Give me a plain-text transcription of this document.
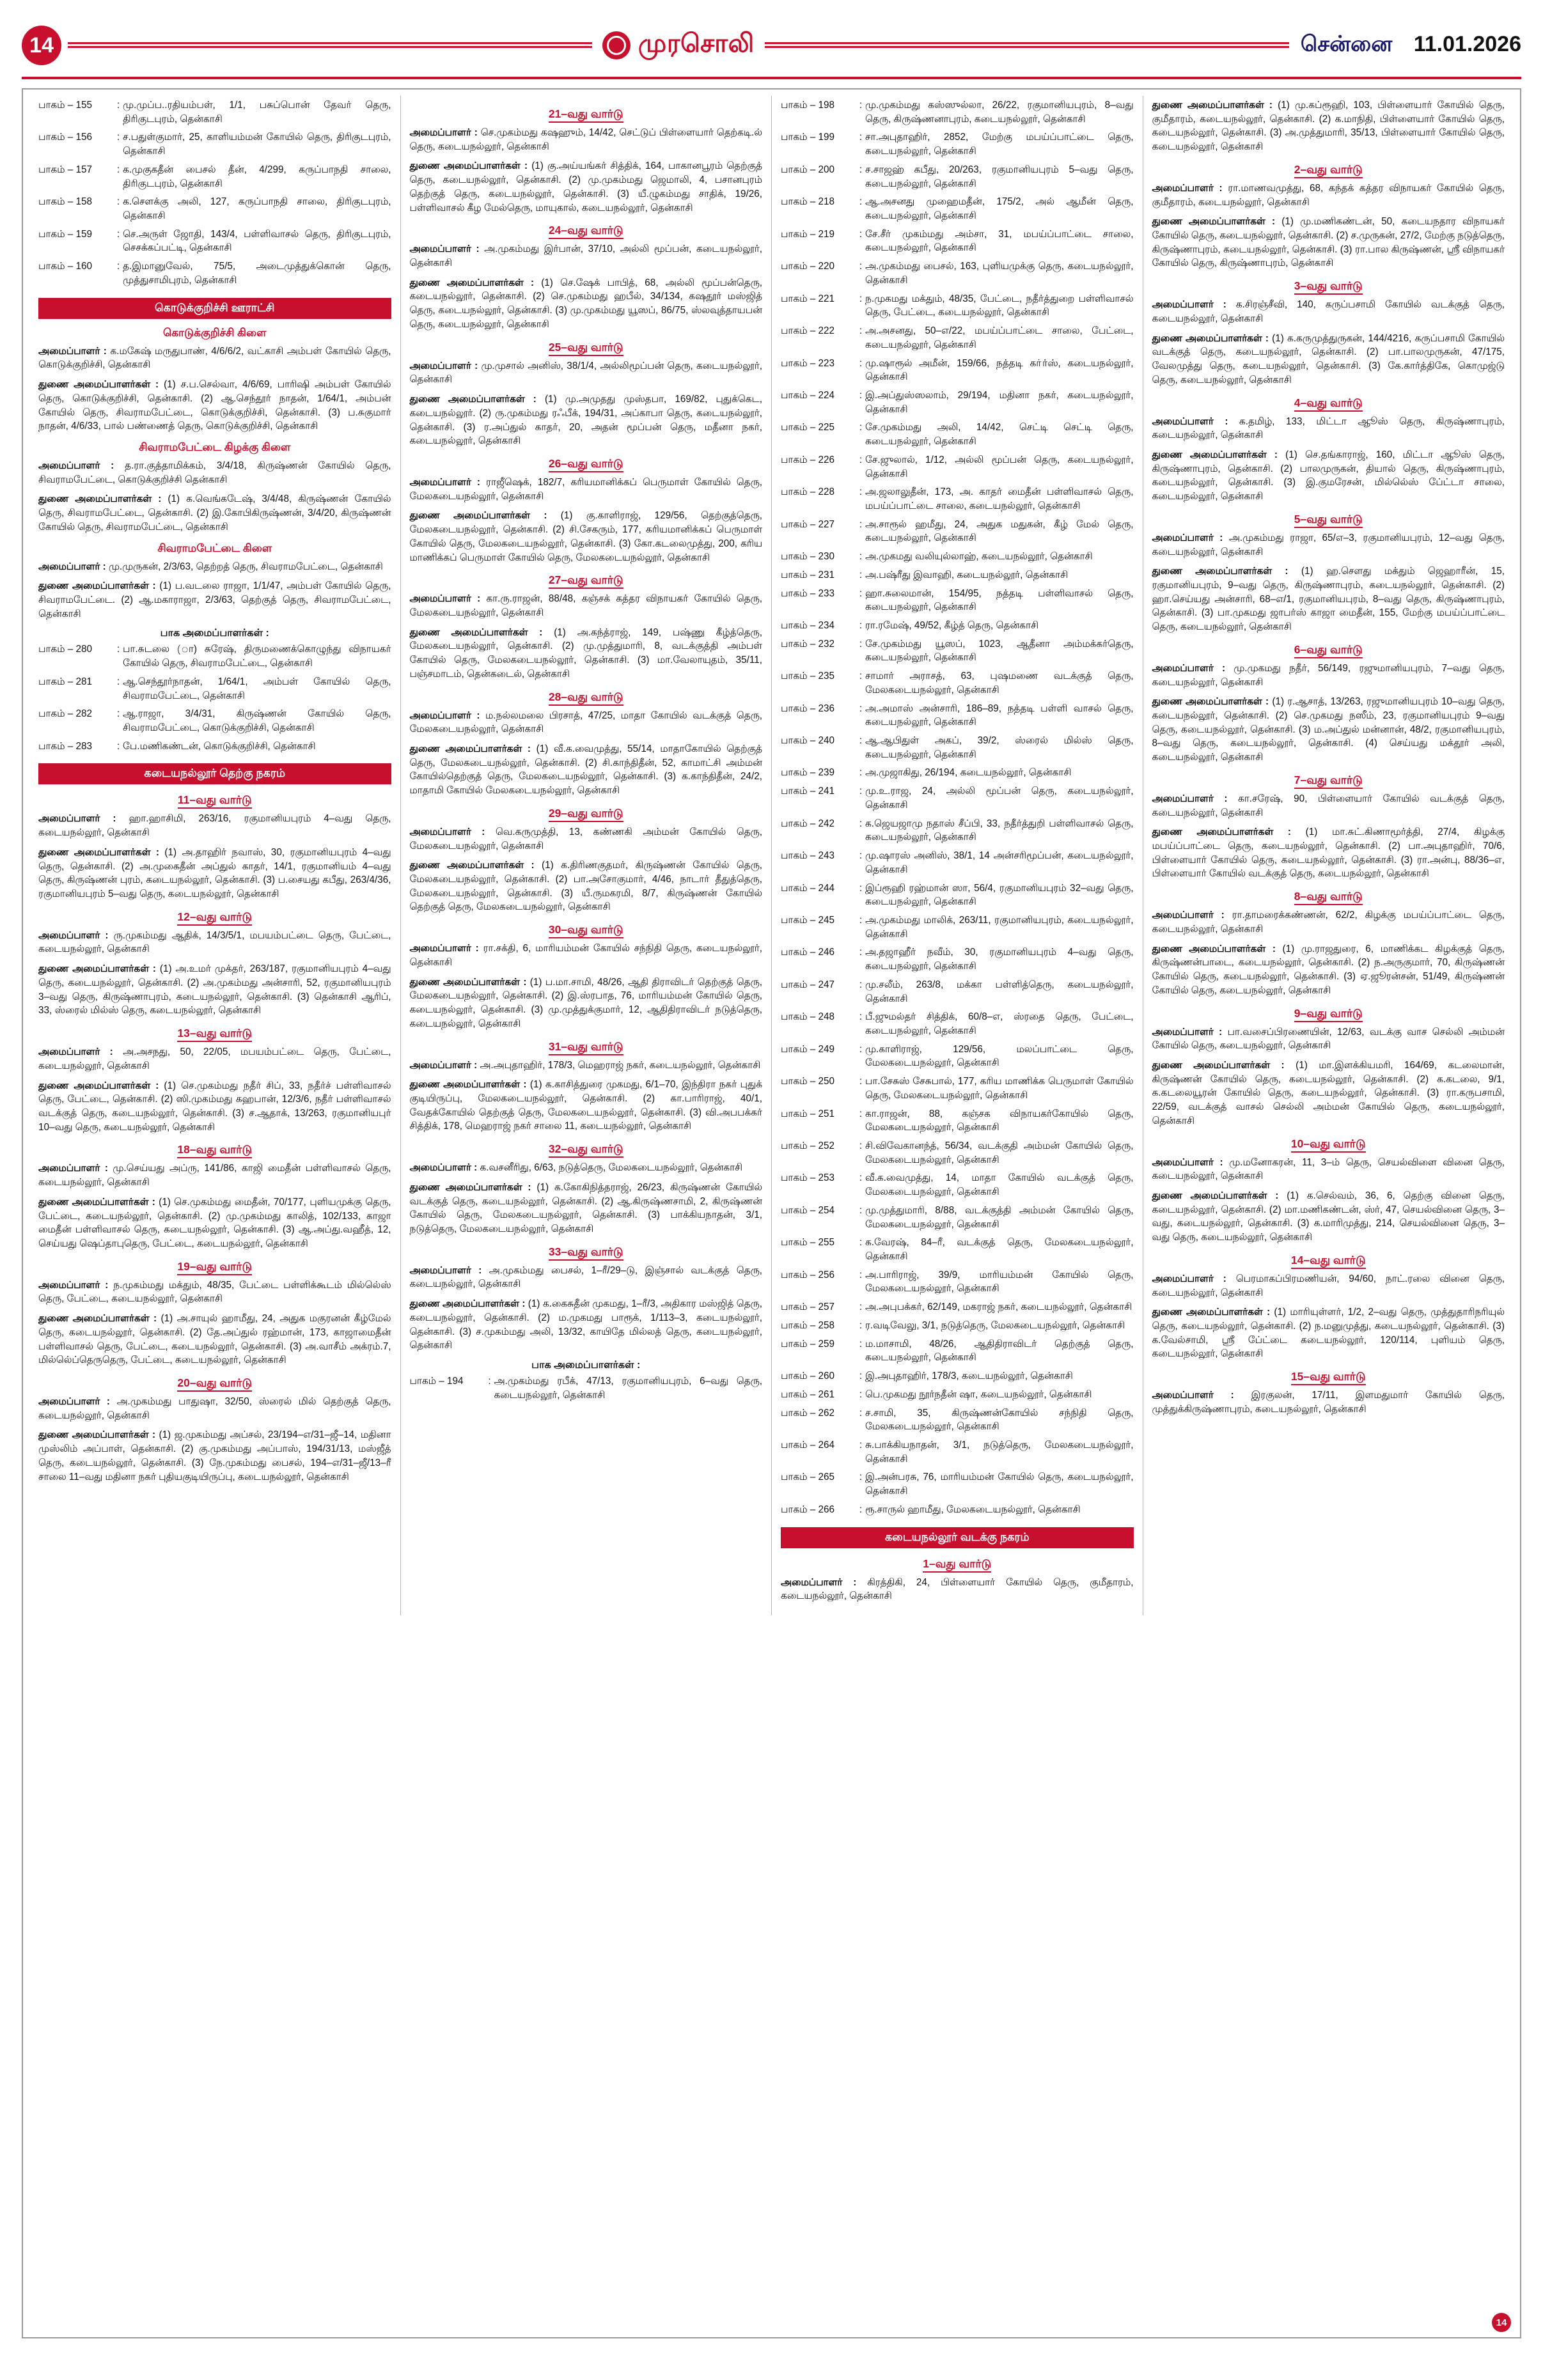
14	முரசொலி	சென்னை 11.01.2026
பாகம் – 155	: மு.முப்ப..ரதியம்பள், 1/1, பசுப்பொன் தேவர் தெரு, திரிகுடபுரம், தென்காசி
பாகம் – 156	: ச.பதுள்குமார், 25, காளியம்மன் கோயில் தெரு, திரிகுடபுரம், தென்காசி
பாகம் – 157	: க.முகுகதீன் பைசல் தீன், 4/299, கருப்பாநதி சாலை, திரிகுடபுரம், தென்காசி
பாகம் – 158	: க.செளக்கு அலி, 127, கருப்பாநதி சாலை, திரிகுடபுரம், தென்காசி
பாகம் – 159	: செ.அருள் ஜோதி, 143/4, பள்ளிவாசல் தெரு, திரிகுடபுரம், செசக்கப்பட்டி, தென்காசி
பாகம் – 160	: த.இமானுவேல், 75/5, அடைமுத்துக்கொன் தெரு, முத்துசாமிபுரம், தென்காசி
கொடுக்குறிச்சி ஊராட்சி
கொடுக்குறிச்சி கிளை

அமைப்பாளர் : க.மகேஷ் மருதுபாண், 4/6/6/2, வட்காசி அம்பள் கோயில் தெரு, கொடுக்குறிச்சி, தென்காசி

துணை அமைப்பாளர்கள் : (1) ச.ப.செல்வா, 4/6/69, பாரிஷி அம்பள் கோயில் தெரு, கொடுக்குறிச்சி, தென்காசி. (2) ஆ.செந்தூர் நாதன், 1/64/1, அம்பன் கோயில் தெரு, சிவராமபேட்டை, கொடுக்குறிச்சி, தென்காசி. (3) ப.சுகுமார் நாதன், 4/6/33, பால் பண்ணைத் தெரு, கொடுக்குறிச்சி, தென்காசி

சிவராமபேட்டை கிழக்கு கிளை

அமைப்பாளர் : த.ரா.குத்தாமிக்கம், 3/4/18, கிருஷ்ணன் கோயில் தெரு, சிவராமபேட்டை, கொடுக்குறிச்சி தென்காசி

துணை அமைப்பாளர்கள் : (1) க.வெங்கடேஷ், 3/4/48, கிருஷ்ணன் கோயில் தெரு, சிவராமபேட்டை, தென்காசி. (2) இ.கோபிகிருஷ்ணன், 3/4/20, கிருஷ்ணன் கோயில் தெரு, சிவராமபேட்டை, தென்காசி

சிவராமபேட்டை கிளை

அமைப்பாளர் : மு.முருகன், 2/3/63, தெற்றத் தெரு, சிவராமபேட்டை, தென்காசி

துணை அமைப்பாளர்கள் : (1) ப.வடலை ராஜா, 1/1/47, அம்பள் கோயில் தெரு, சிவராமபேட்டை. (2) ஆ.மகாராஜா, 2/3/63, தெற்குத் தெரு, சிவராமபேட்டை, தென்காசி

பாக அமைப்பாளர்கள் :
பாகம் – 280	: பா.சுடலை (ா) சுரேஷ், திருமணைக்கொழுந்து விநாயகர் கோயில் தெரு, சிவராமபேட்டை, தென்காசி
பாகம் – 281	: ஆ.செந்தூர்நாதன், 1/64/1, அம்பள் கோயில் தெரு, சிவராமபேட்டை, தென்காசி
பாகம் – 282	: ஆ.ராஜா, 3/4/31, கிருஷ்ணன் கோயில் தெரு, சிவராமபேட்டை, கொடுக்குறிச்சி, தென்காசி
பாகம் – 283	: பே.மணிகண்டன், கொடுக்குறிச்சி, தென்காசி
கடையநல்லூர் தெற்கு நகரம்
11–வது வார்டு

அமைப்பாளர் : ஹா.ஹாசிமி, 263/16, ரகுமானியபுரம் 4–வது தெரு, கடையநல்லூர், தென்காசி

துணை அமைப்பாளர்கள் : (1) அ.தாஹிர் நவாஸ், 30, ரகுமானியபுரம் 4–வது தெரு, தென்காசி. (2) அ.முகைதீன் அப்துல் காதர், 14/1, ரகுமானியம் 4–வது தெரு, கிருஷ்ணன் புரம், கடையநல்லூர், தென்காசி. (3) ப.சையது கபீது, 263/4/36, ரகுமானியபுரம் 5–வது தெரு, கடையநல்லூர், தென்காசி

12–வது வார்டு

அமைப்பாளர் : ரு.முகம்மது ஆதிக், 14/3/5/1, மபயம்பட்டை தெரு, பேட்டை, கடையநல்லூர், தென்காசி

துணை அமைப்பாளர்கள் : (1) அ.உமர் முக்தர், 263/187, ரகுமானியபுரம் 4–வது தெரு, கடையநல்லூர், தென்காசி. (2) அ.முகம்மது அன்சாரி, 52, ரகுமானியபுரம் 3–வது தெரு, கிருஷ்ணாபுரம், கடையநல்லூர், தென்காசி. (3) தென்காசி ஆரிப், 33, ஸ்ரைல் மில்ஸ் தெரு, கடையநல்லூர், தென்காசி

13–வது வார்டு

அமைப்பாளர் : அ.அசநது, 50, 22/05, மபயம்பட்டை தெரு, பேட்டை, கடையநல்லூர், தென்காசி

துணை அமைப்பாளர்கள் : (1) செ.முகம்மது நதீர் சிப், 33, நதீர்ச் பள்ளிவாசல் தெரு, பேட்டை, தென்காசி. (2) ஸி.முகம்மது கஹபான், 12/3/6, நதீர் பள்ளிவாசல் வடக்குத் தெரு, கடையநல்லூர், தென்காசி. (3) ச.ஆதாக், 13/263, ரகுமானியபுர் 10–வது தெரு, கடையநல்லூர், தென்காசி

18–வது வார்டு

அமைப்பாளர் : மு.செய்யது அப்ரு, 141/86, காஜி மைதீன் பள்ளிவாசல் தெரு, கடையநல்லூர், தென்காசி

துணை அமைப்பாளர்கள் : (1) செ.முகம்மது மைதீன், 70/177, புளியமுக்கு தெரு, பேட்டை, கடையநல்லூர், தென்காசி. (2) மு.முகம்மது காலித், 102/133, காஜா மைதீன் பள்ளிவாசல் தெரு, கடையநல்லூர், தென்காசி. (3) ஆ.அப்து.வஹீத், 12, செய்யது ஷெப்தாபுதெரு, பேட்டை, கடையநல்லூர், தென்காசி

19–வது வார்டு

அமைப்பாளர் : ந.முகம்மது மக்தும், 48/35, பேட்டை பள்ளிக்கூடம் மில்லெ்ஸ் தெரு, பேட்டை, கடையநல்லூர், தென்காசி

துணை அமைப்பாளர்கள் : (1) அ.சாயுல் ஹாமீது, 24, அதுக மகுரனன் கீழ்மேல் தெரு, கடையநல்லூர், தென்காசி. (2) தே.அப்துல் ரஹ்மான், 173, காஜாமைதீன் பள்ளிவாசல் தெரு, பேட்டை, கடையநல்லூர், தென்காசி. (3) அ.வாசீம் அக்ரம்.7, மில்லெ்ப்தெருதெரு, பேட்டை, கடையநல்லூர், தென்காசி

20–வது வார்டு

அமைப்பாளர் : அ.முகம்மது பாதுஷா, 32/50, ஸ்ரைல் மில் தெற்குத் தெரு, கடையநல்லூர், தென்காசி

துணை அமைப்பாளர்கள் : (1) ஜ.முகம்மது அப்சல், 23/194–எ/31–ஜீ–14, மதினா முஸ்லிம் அப்பாள், தென்காசி. (2) கு.முகம்மது அப்பாஸ், 194/31/13, மஸ்ஜீத் தெரு, கடையநல்லூர், தென்காசி. (3) நே.முகம்மது பைசல், 194–எ/31–ஜீ/13–ரீ சாலை 11–வது மதினா நகர் புதியகுடியிருப்பு, கடையநல்லூர், தென்காசி

21–வது வார்டு

அமைப்பாளர் : செ.முகம்மது கஷஹும், 14/42, செட்டுப் பிள்ளையார் தெற்கடி.ல் தெரு, கடையநல்லூர், தென்காசி

துணை அமைப்பாளர்கள் : (1) கு.அய்யங்கர் சித்திக், 164, பாகானபூரம் தெற்குத் தெரு, கடையநல்லூர், தென்காசி. (2) மு.முகம்மது ஜெமாலி, 4, பசானபுரம் தெற்குத் தெரு, கடையநல்லூர், தென்காசி. (3) யீ.ழுகம்மது சாதிக், 19/26, பள்ளிவாசல் கீழ மேல்தெரு, மாயுகால், கடையநல்லூர், தென்காசி

24–வது வார்டு

அமைப்பாளர் : அ.முகம்மது இர்பான், 37/10, அல்லி மூப்பன், கடையநல்லூர், தென்காசி

துணை அமைப்பாளர்கள் : (1) செ.ஷேக் பாபித், 68, அல்லி மூப்பன்தெரு, கடையநல்லூர், தென்காசி. (2) செ.முகம்மது ஹபீல், 34/134, கஷதூர் மஸ்ஜித் தெரு, கடையநல்லூர், தென்காசி. (3) மு.முகம்மது யூஸப், 86/75, ஸ்லவுத்தாயபன் தெரு, கடையநல்லூர், தென்காசி

25–வது வார்டு

அமைப்பாளர் : மு.முசால் அனிஸ், 38/1/4, அல்லிமூப்பன் தெரு, கடையநல்லூர், தென்காசி

துணை அமைப்பாளர்கள் : (1) மு.அமுதது முஸ்தபா, 169/82, புதுக்கெட, கடையநல்லூர். (2) ரு.முகம்மது ரஃபீக், 194/31, அப்காபா தெரு, கடையநல்லூர், தென்காசி. (3) ர.அப்துல் காதர், 20, அதன் மூப்பன் தெரு, மதீனா நகர், கடையநல்லூர், தென்காசி

26–வது வார்டு

அமைப்பாளர் : ராஜீஷெக், 182/7, கரியமானிக்கப் பெருமாள் கோயில் தெரு, மேலகடையநல்லூர், தென்காசி

துணை அமைப்பாளர்கள் : (1) கு.காளிராஜ், 129/56, தெற்குத்தெரு, மேலகடையநல்லூர், தென்காசி. (2) சி.சேகரும், 177, கரியமானிக்கப் பெருமாள் கோயில் தெரு, மேலகடையநல்லூர், தென்காசி. (3) கோ.கடலைமுத்து, 200, கரிய மாணிக்கப் பெருமாள் கோயில் தெரு, மேலகடையநல்லூர், தென்காசி

27–வது வார்டு

அமைப்பாளர் : கா.ரு.ராஜன், 88/48, கஞ்சக் கத்தர விநாயகர் கோயில் தெரு, மேலகடையநல்லூர், தென்காசி

துணை அமைப்பாளர்கள் : (1) அ.கந்த்ராஜ், 149, பஷ்ணு கீழ்த்தெரு, மேலகடையநல்லூர், தென்காசி. (2) மு.முத்துமாரி, 8, வடக்குத்தி அம்பள் கோயில் தெரு, மேலகடையநல்லூர், தென்காசி. (3) மா.வேலாயுதம், 35/11, பஞ்சமாடம், தென்கடைல், தென்காசி

28–வது வார்டு

அமைப்பாளர் : ம.நல்லமலை பிரசாத், 47/25, மாதா கோயில் வடக்குத் தெரு, மேலகடையநல்லூர், தென்காசி

துணை அமைப்பாளர்கள் : (1) வீ.க.வைமுத்து, 55/14, மாதாகோயில் தெற்குத் தெரு, மேலகடையநல்லூர், தென்காசி. (2) சி.காந்திதீன், 52, காமாட்சி அம்மன் கோயில்தெற்குத் தெரு, மேலகடையநல்லூர், தென்காசி. (3) க.காந்திதீன், 24/2, மாதாமி கோயில் மேலகடையநல்லூர், தென்காசி

29–வது வார்டு

அமைப்பாளர் : வெ.கருமுத்தி, 13, கண்ணகி அம்மன் கோயில் தெரு, மேலகடையநல்லூர், தென்காசி

துணை அமைப்பாளர்கள் : (1) க.திரிணகுதமர், கிருஷ்ணன் கோயில் தெரு, மேலகடையநல்லூர், தென்காசி. (2) பா.அசோகுமார், 4/46, நாடார் தீதுத்தெரு, மேலகடையநல்லூர், தென்காசி. (3) யீ.ருமகரமி, 8/7, கிருஷ்ணன் கோயில் தெற்குத் தெரு, மேலகடையநல்லூர், தென்காசி

30–வது வார்டு

அமைப்பாளர் : ரா.சக்தி, 6, மாரியம்மன் கோயில் சந்நிதி தெரு, கடையநல்லூர், தென்காசி

துணை அமைப்பாளர்கள் : (1) ப.மா.சாமி, 48/26, ஆதி திராவிடர் தெற்குத் தெரு, மேலகடையநல்லூர், தென்காசி. (2) இ.ஸ்ரபாத, 76, மாரியம்மன் கோயில் தெரு, கடையநல்லூர், தென்காசி. (3) மு.முத்துக்குமார், 12, ஆதிதிராவிடர் நடுத்தெரு, கடையநல்லூர், தென்காசி

31–வது வார்டு

அமைப்பாளர் : அ.அபுதாஹிர், 178/3, மெஹராஜ் நகர், கடையநல்லூர், தென்காசி

துணை அமைப்பாளர்கள் : (1) க.காசித்துரை முகமது, 6/1–70, இந்திரா நகர் புதுக் குடியிருப்பு, மேலகடையநல்லூர், தென்காசி. (2) கா.பாரிராஜ், 40/1, வேதக்கோயில் தெற்குத் தெரு, மேலகடையநல்லூர், தென்காசி. (3) வி.அபபக்கர் சித்திக், 178, மெஹராஜ் நகர் சாலை 11, கடையநல்லூர், தென்காசி

32–வது வார்டு

அமைப்பாளர் : க.வசனீரிது, 6/63, நடுத்தெரு, மேலகடையநல்லூர், தென்காசி

துணை அமைப்பாளர்கள் : (1) க.கோகிநித்தராஜ், 26/23, கிருஷ்ணன் கோயில் வடக்குத் தெரு, கடையநல்லூர், தென்காசி. (2) ஆ.கிருஷ்ணசாமி, 2, கிருஷ்ணன் கோயில் தெரு, மேலகடையநல்லூர், தென்காசி. (3) பாக்கியநாதன், 3/1, நடுத்தெரு, மேலகடையநல்லூர், தென்காசி

33–வது வார்டு

அமைப்பாளர் : அ.முகம்மது பைசல், 1–ரீ/29–டு, இஞ்சால் வடக்குத் தெரு, கடையநல்லூர், தென்காசி

துணை அமைப்பாளர்கள் : (1) க.கைசுதீன் முகமது, 1–ரீ/3, அதிகார மஸ்ஜித் தெரு, கடையநல்லூர், தென்காசி. (2) ம.முகமது பாரூக், 1/113–3, கடையநல்லூர், தென்காசி. (3) ச.முகம்மது அலி, 13/32, காயிதே மில்லத் தெரு, கடையநல்லூர், தென்காசி

பாக அமைப்பாளர்கள் :
பாகம் – 194	: அ.முகம்மது ரபீக், 47/13, ரகுமானியபுரம், 6–வது தெரு, கடையநல்லூர், தென்காசி
பாகம் – 198	: மு.முகம்மது கஸ்ஸுல்லா, 26/22, ரகுமானியபுரம், 8–வது தெரு, கிருஷ்ணனாபுரம், கடையநல்லூர், தென்காசி
பாகம் – 199	: சா.அபுதாஹிர், 2852, மேற்கு மபய்ப்பாட்டை தெரு, கடையநல்லூர், தென்காசி
பாகம் – 200	: ச.சாஜஹ் கபீது, 20/263, ரகுமானியபுரம் 5–வது தெரு, கடையநல்லூர், தென்காசி
பாகம் – 218	: ஆ.அசனது முஹைமதீன், 175/2, அல் ஆமீன் தெரு, கடையநல்லூர், தென்காசி
பாகம் – 219	: சே.சீர் முகம்மது அம்சா, 31, மபய்ப்பாட்டை சாலை, கடையநல்லூர், தென்காசி
பாகம் – 220	: அ.முகம்மது பைசல், 163, புளியமுக்கு தெரு, கடையநல்லூர், தென்காசி
பாகம் – 221	: ந.முகமது மக்தும், 48/35, பேட்டை, நதீர்த்துறை பள்ளிவாசல் தெரு, பேட்டை, கடையநல்லூர், தென்காசி
பாகம் – 222	: அ.அசனது, 50–எ/22, மபய்ப்பாட்டை சாலை, பேட்டை, கடையநல்லூர், தென்காசி
பாகம் – 223	: மு.ஷாரூல் அமீன், 159/66, நத்தடி கா்ர்ஸ், கடையநல்லூர், தென்காசி
பாகம் – 224	: இ.அப்துஸ்ஸலாம், 29/194, மதினா நகர், கடையநல்லூர், தென்காசி
பாகம் – 225	: சே.முகம்மது அலி, 14/42, செட்டி செட்டி தெரு, கடையநல்லூர், தென்காசி
பாகம் – 226	: சே.ஜுலால், 1/12, அல்லி மூப்பன் தெரு, கடையநல்லூர், தென்காசி
பாகம் – 228	: அ.ஜலாலுதீன், 173, அ. காதர் மைதீன் பள்ளிவாசல் தெரு, மபய்ப்பாட்டை சாலை, கடையநல்லூர், தென்காசி
பாகம் – 227	: அ.சாரூல் ஹமீது, 24, அதுக மதுகன், கீழ் மேல் தெரு, கடையநல்லூர், தென்காசி
பாகம் – 230	: அ.முகமது வலியுல்லாஹ், கடையநல்லூர், தென்காசி
பாகம் – 231	: அ.பஷ்ரீது இவாஹி, கடையநல்லூர், தென்காசி
பாகம் – 233	: ஹா.சுலைமான், 154/95, நத்தடி பள்ளிவாசல் தெரு, கடையநல்லூர், தென்காசி
பாகம் – 234	: ரா.ரமேஷ், 49/52, கீழ்த் தெரு, தென்காசி
பாகம் – 232	: சே.முகம்மது யூஸப், 1023, ஆதீனா அம்மக்கர்தெரு, கடையநல்லூர், தென்காசி
பாகம் – 235	: சாமார் அராசத், 63, புஷமணை வடக்குத் தெரு, மேலகடையநல்லூர், தென்காசி
பாகம் – 236	: அ.அமாஸ் அன்சாரி, 186–89, நத்தடி பள்ளி வாசல் தெரு, கடையநல்லூர், தென்காசி
பாகம் – 240	: ஆ.ஆபிதுள் அகப், 39/2, ஸ்ரைல் மில்ஸ் தெரு, கடையநல்லூர், தென்காசி
பாகம் – 239	: அ.முஜாகிது, 26/194, கடையநல்லூர், தென்காசி
பாகம் – 241	: மு.உ.ராஜ, 24, அல்லி மூப்பன் தெரு, கடையநல்லூர், தென்காசி
பாகம் – 242	: க.ஜெயஜாமு நதாஸ் சீப்பி, 33, நதீர்த்துறி பள்ளிவாசல் தெரு, கடையநல்லூர், தென்காசி
பாகம் – 243	: மு.ஷாரஸ் அனிஸ், 38/1, 14 அன்சரிமூப்பன், கடையநல்லூர், தென்காசி
பாகம் – 244	: இப்ரூஹி ரஹ்மான் ஸா, 56/4, ரகுமானியபுரம் 32–வது தெரு, கடையநல்லூர், தென்காசி
பாகம் – 245	: அ.முகம்மது மாலிக், 263/11, ரகுமானியபுரம், கடையநல்லூர், தென்காசி
பாகம் – 246	: அ.தஜாஹீர் நவீம், 30, ரகுமானியபுரம் 4–வது தெரு, கடையநல்லூர், தென்காசி
பாகம் – 247	: மு.சலீம், 263/8, மக்கா பள்ளித்தெரு, கடையநல்லூர், தென்காசி
பாகம் – 248	: பீ.ஜுமல்தர் சித்திக், 60/8–எ, ஸ்ரதை தெரு, பேட்டை, கடையநல்லூர், தென்காசி
பாகம் – 249	: மு.காளிராஜ், 129/56, மலப்பாட்டை தெரு, மேலகடையநல்லூர், தென்காசி
பாகம் – 250	: பா.சேசுஸ் சேசுபால், 177, கரிய மாணிக்க பெருமாள் கோயில் தெரு, மேலகடையநல்லூர், தென்காசி
பாகம் – 251	: கா.ராஜன், 88, கஞ்சக விநாயகர்கோயில் தெரு, மேலகடையநல்லூர், தென்காசி
பாகம் – 252	: சி.விவேகானந்த், 56/34, வடக்குதி அம்மன் கோயில் தெரு, மேலகடையநல்லூர், தென்காசி
பாகம் – 253	: வீ.க.வைமுத்து, 14, மாதா கோயில் வடக்குத் தெரு, மேலகடையநல்லூர், தென்காசி
பாகம் – 254	: மு.முத்துமாரி, 8/88, வடக்குத்தி அம்மன் கோயில் தெரு, மேலகடையநல்லூர், தென்காசி
பாகம் – 255	: க.வேரஷ், 84–ரீ, வடக்குத் தெரு, மேலகடையநல்லூர், தென்காசி
பாகம் – 256	: அ.பாரிராஜ், 39/9, மாரியம்மன் கோயில் தெரு, மேலகடையநல்லூர், தென்காசி
பாகம் – 257	: அ.அபுபக்கர், 62/149, மகராஜ் நகர், கடையநல்லூர், தென்காசி
பாகம் – 258	: ர.வடிவேலு, 3/1, நடுத்தெரு, மேலகடையநல்லூர், தென்காசி
பாகம் – 259	: ம.மாசாமி, 48/26, ஆதிதிராவிடர் தெற்குத் தெரு, கடையநல்லூர், தென்காசி
பாகம் – 260	: இ.அபுதாஹிர், 178/3, கடையநல்லூர், தென்காசி
பாகம் – 261	: பெ.முகமது நூர்நதீன் ஷா, கடையநல்லூர், தென்காசி
பாகம் – 262	: ச.சாமி, 35, கிருஷ்ணன்கோயில் சந்நிதி தெரு, மேலகடையநல்லூர், தென்காசி
பாகம் – 264	: சு.பாக்கியநாதன், 3/1, நடுத்தெரு, மேலகடையநல்லூர், தென்காசி
பாகம் – 265	: இ.அன்பரசு, 76, மாரியம்மன் கோயில் தெரு, கடையநல்லூர், தென்காசி
பாகம் – 266	: ரூ.சாருல் ஹாமீது, மேலகடையநல்லூர், தென்காசி
கடையநல்லூர் வடக்கு நகரம்
1–வது வார்டு

அமைப்பாளர் : கிரத்திகி, 24, பிள்ளையார் கோயில் தெரு, குமீதாரம், கடையநல்லூர், தென்காசி

துணை அமைப்பாளர்கள் : (1) மு.கப்ரூஹி, 103, பிள்ளையார் கோயில் தெரு, குமீதாரம், கடையநல்லூர், தென்காசி. (2) க.மாநிதி, பிள்ளையார் கோயில் தெரு, கடையநல்லூர், தென்காசி. (3) அ.முத்துமாரி, 35/13, பிள்ளையார் கோயில் தெரு, கடையநல்லூர், தென்காசி

2–வது வார்டு

அமைப்பாளர் : ரா.மாணவமுத்து, 68, கந்தக் கத்தர விநாயகர் கோயில் தெரு, குமீதாரம், கடையநல்லூர், தென்காசி

துணை அமைப்பாளர்கள் : (1) மு.மணிகண்டன், 50, கடையநதார விநாயகர் கோயில் தெரு, கடையநல்லூர், தென்காசி. (2) ச.முருகன், 27/2, மேற்கு நடுத்தெரு, கிருஷ்ணாபுரம், கடையநல்லூர், தென்காசி. (3) ரா.பால கிருஷ்ணன், ஸ்ரீ விநாயகர் கோயில் தெரு, கிருஷ்ணாபுரம், தென்காசி

3–வது வார்டு

அமைப்பாளர் : க.சிரஞ்சீவி, 140, கருப்பசாமி கோயில் வடக்குத் தெரு, கடையநல்லூர், தென்காசி

துணை அமைப்பாளர்கள் : (1) க.கருமுத்துருகன், 144/4216, கருப்பசாமி கோயில் வடக்குத் தெரு, கடையநல்லூர், தென்காசி. (2) பா.பாலமுருகன், 47/175, வேலமுத்து தெரு, கடையநல்லூர், தென்காசி. (3) கே.கார்த்திகே, கொமுஜ்டு தெரு, கடையநல்லூர், தென்காசி

4–வது வார்டு

அமைப்பாளர் : க.தமிழ், 133, மிட்டா ஆூஸ் தெரு, கிருஷ்ணாபுரம், கடையநல்லூர், தென்காசி

துணை அமைப்பாளர்கள் : (1) செ.தங்காராஜ், 160, மிட்டா ஆூஸ் தெரு, கிருஷ்ணாபுரம், தென்காசி. (2) பாலமுருகன், தியால் தெரு, கிருஷ்ணாபுரம், கடையநல்லூர், தென்காசி. (3) இ.குமரேசன், மில்லெ்ஸ் பே்ட்டா சாலை, கடையநல்லூர், தென்காசி

5–வது வார்டு

அமைப்பாளர் : அ.முகம்மது ராஜா, 65/எ–3, ரகுமானியபுரம், 12–வது தெரு, கடையநல்லூர், தென்காசி

துணை அமைப்பாளர்கள் : (1) ஹ.செளது மக்தும் ஜெஹாரீன், 15, ரகுமானியபுரம், 9–வது தெரு, கிருஷ்ணாபுரம், கடையநல்லூர், தென்காசி. (2) ஹா.செய்யது அன்சாரி, 68–எ/1, ரகுமானியபுரம், 8–வது தெரு, கிருஷ்ணாபுரம், தென்காசி. (3) பா.முகமது ஜாபர்ஸ் காஜா மைதீன், 155, மேற்கு மபய்ப்பாட்டை தெரு, கடையநல்லூர், தென்காசி

6–வது வார்டு

அமைப்பாளர் : மு.முகமது நதீர், 56/149, ரஜுமானியபுரம், 7–வது தெரு, கடையநல்லூர், தென்காசி

துணை அமைப்பாளர்கள் : (1) ர.ஆசாத், 13/263, ரஜுமானியபுரம் 10–வது தெரு, கடையநல்லூர், தென்காசி. (2) செ.முகமது நஸீம், 23, ரகுமானியபுரம் 9–வது தெரு, கடையநல்லூர், தென்காசி. (3) ம.அப்துல் மன்னான், 48/2, ரகுமானியபுரம், 8–வது தெரு, கடையநல்லூர், தென்காசி. (4) செய்யது மக்தூர் அலி, கடையநல்லூர், தென்காசி

7–வது வார்டு

அமைப்பாளர் : கா.சரேஷ், 90, பிள்ளையார் கோயில் வடக்குத் தெரு, கடையநல்லூர், தென்காசி

துணை அமைப்பாளர்கள் : (1) மா.சுட்.கிணாமூர்த்தி, 27/4, கிழக்கு மபய்ப்பாட்டை தெரு, கடையநல்லூர், தென்காசி. (2) பா.அபுதாஹிர், 70/6, பிள்ளையார் கோயில் தெரு, கடையநல்லூர், தென்காசி. (3) ரா.அன்பு, 88/36–எ, பிள்ளையார் கோயில் வடக்குத் தெரு, கடையநல்லூர், தென்காசி

8–வது வார்டு

அமைப்பாளர் : ரா.தாமரைக்கண்ணன், 62/2, கிழக்கு மபய்ப்பாட்டை தெரு, கடையநல்லூர், தென்காசி

துணை அமைப்பாளர்கள் : (1) மு.ராஜதுரை, 6, மாணிக்கட கிழக்குத் தெரு, கிருஷ்ணன்பாடை, கடையநல்லூர், தென்காசி. (2) ந.அருகுமார், 70, கிருஷ்ணன் கோயில் தெரு, கடையநல்லூர், தென்காசி. (3) ஏ.ஜூரன்சன், 51/49, கிருஷ்ணன் கோயில் தெரு, கடையநல்லூர், தென்காசி

9–வது வார்டு

அமைப்பாளர் : பா.வசைப்பிரணையின், 12/63, வடக்கு வாச செல்லி அம்மன் கோயில் தெரு, கடையநல்லூர், தென்காசி

துணை அமைப்பாளர்கள் : (1) மா.இளக்கியமரி, 164/69, கடலைமான், கிருஷ்ணன் கோயில் தெரு, கடையநல்லூர், தென்காசி. (2) க.கடலை, 9/1, க.கடலையூரன் கோயில் தெரு, கடையநல்லூர், தென்காசி. (3) ரா.கருபசாமி, 22/59, வடக்குத் வாசல் செல்லி அம்மன் கோயில் தெரு, கடையநல்லூர், தென்காசி

10–வது வார்டு

அமைப்பாளர் : மு.மனோகரன், 11, 3–ம் தெரு, செயல்விளை வினை தெரு, கடையநல்லூர், தென்காசி

துணை அமைப்பாளர்கள் : (1) க.செல்வம், 36, 6, தெற்கு வினை தெரு, கடையநல்லூர், தென்காசி. (2) மா.மணிகண்டன், ஸ்ர், 47, செயல்வினை தெரு, 3–வது, கடையநல்லூர், தென்காசி. (3) க.மாரிமுத்து, 214, செயல்வினை தெரு, 3–வது தெரு, கடையநல்லூர், தென்காசி

14–வது வார்டு

அமைப்பாளர் : பெரமாகப்பிரமணியன், 94/60, நாட்.ரலை வினை தெரு, கடையநல்லூர், தென்காசி

துணை அமைப்பாளர்கள் : (1) மாரியுள்ளர், 1/2, 2–வது தெரு, முத்துதாரிநரியுல் தெரு, கடையநல்லூர், தென்காசி. (2) ந.மனுமுத்து, கடையநல்லூர், தென்காசி. (3) க.வேல்சாமி, ஸ்ரீ பே்ட்டை கடையநல்லூர், 120/114, புளியம் தெரு, கடையநல்லூர், தென்காசி

15–வது வார்டு

அமைப்பாளர் : இரகுலன், 17/11, இளமதுமார் கோயில் தெரு, முத்துக்கிருஷ்ணாபுரம், கடையநல்லூர், தென்காசி

14
